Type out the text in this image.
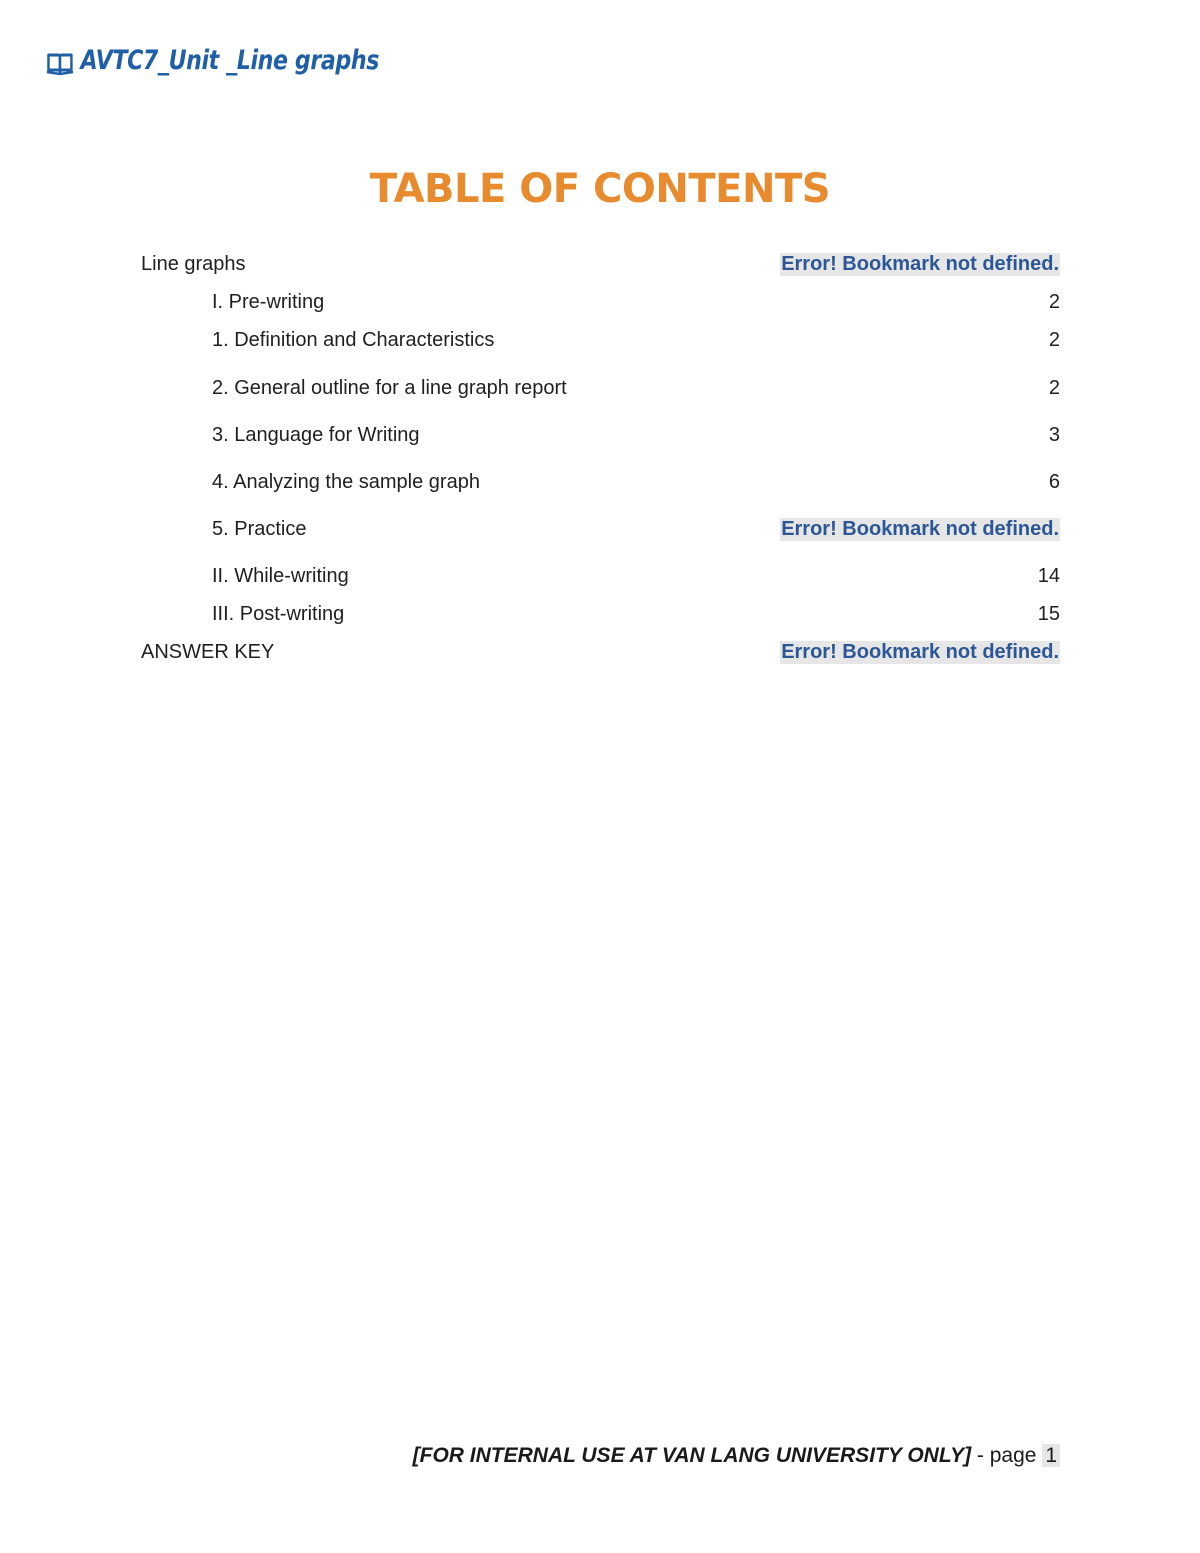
AVTC7_Unit _Line graphs
TABLE OF CONTENTS
Line graphs	Error! Bookmark not defined.
I. Pre-writing	2
1. Definition and Characteristics	2
2. General outline for a line graph report	2
3. Language for Writing	3
4. Analyzing the sample graph	6
5. Practice	Error! Bookmark not defined.
II. While-writing	14
III. Post-writing	15
ANSWER KEY	Error! Bookmark not defined.
[FOR INTERNAL USE AT VAN LANG UNIVERSITY ONLY] - page 1
